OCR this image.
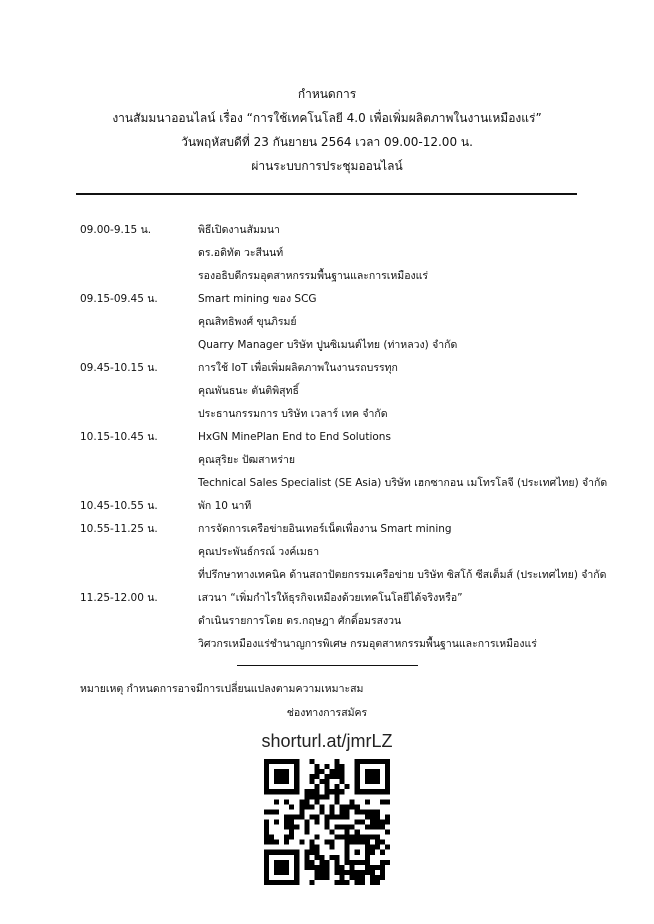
กำหนดการ
งานสัมมนาออนไลน์ เรื่อง “การใช้เทคโนโลยี 4.0 เพื่อเพิ่มผลิตภาพในงานเหมืองแร่”
วันพฤหัสบดีที่ 23 กันยายน 2564 เวลา 09.00-12.00 น.
ผ่านระบบการประชุมออนไลน์
09.00-9.15 น.	พิธีเปิดงานสัมมนา
ดร.อดิทัต วะสีนนท์
รองอธิบดีกรมอุตสาหกรรมพื้นฐานและการเหมืองแร่
09.15-09.45 น.	Smart mining ของ SCG
คุณสิทธิพงศ์ ขุนภิรมย์
Quarry Manager บริษัท ปูนซิเมนต์ไทย (ท่าหลวง) จำกัด
09.45-10.15 น.	การใช้ IoT เพื่อเพิ่มผลิตภาพในงานรถบรรทุก
คุณพันธนะ ตันติพิสุทธิ์
ประธานกรรมการ บริษัท เวลาร์ เทค จำกัด
10.15-10.45 น.	HxGN MinePlan End to End Solutions
คุณสุริยะ ปัฒสาหร่าย
Technical Sales Specialist (SE Asia) บริษัท เฮกซากอน เมโทรโลจี (ประเทศไทย) จำกัด
10.45-10.55 น.	พัก 10 นาที
10.55-11.25 น.	การจัดการเครือข่ายอินเทอร์เน็ตเพื่องาน Smart mining
คุณประพันธ์กรณ์ วงค์เมธา
ที่ปรึกษาทางเทคนิค ด้านสถาปัตยกรรมเครือข่าย บริษัท ซิสโก้ ซีสเต็มส์ (ประเทศไทย) จำกัด
11.25-12.00 น.	เสวนา “เพิ่มกำไรให้ธุรกิจเหมืองด้วยเทคโนโลยีได้จริงหรือ”
ดำเนินรายการโดย ดร.กฤษฎา ศักดิ์อมรสงวน
วิศวกรเหมืองแร่ชำนาญการพิเศษ กรมอุตสาหกรรมพื้นฐานและการเหมืองแร่
หมายเหตุ กำหนดการอาจมีการเปลี่ยนแปลงตามความเหมาะสม
ช่องทางการสมัคร
shorturl.at/jmrLZ
